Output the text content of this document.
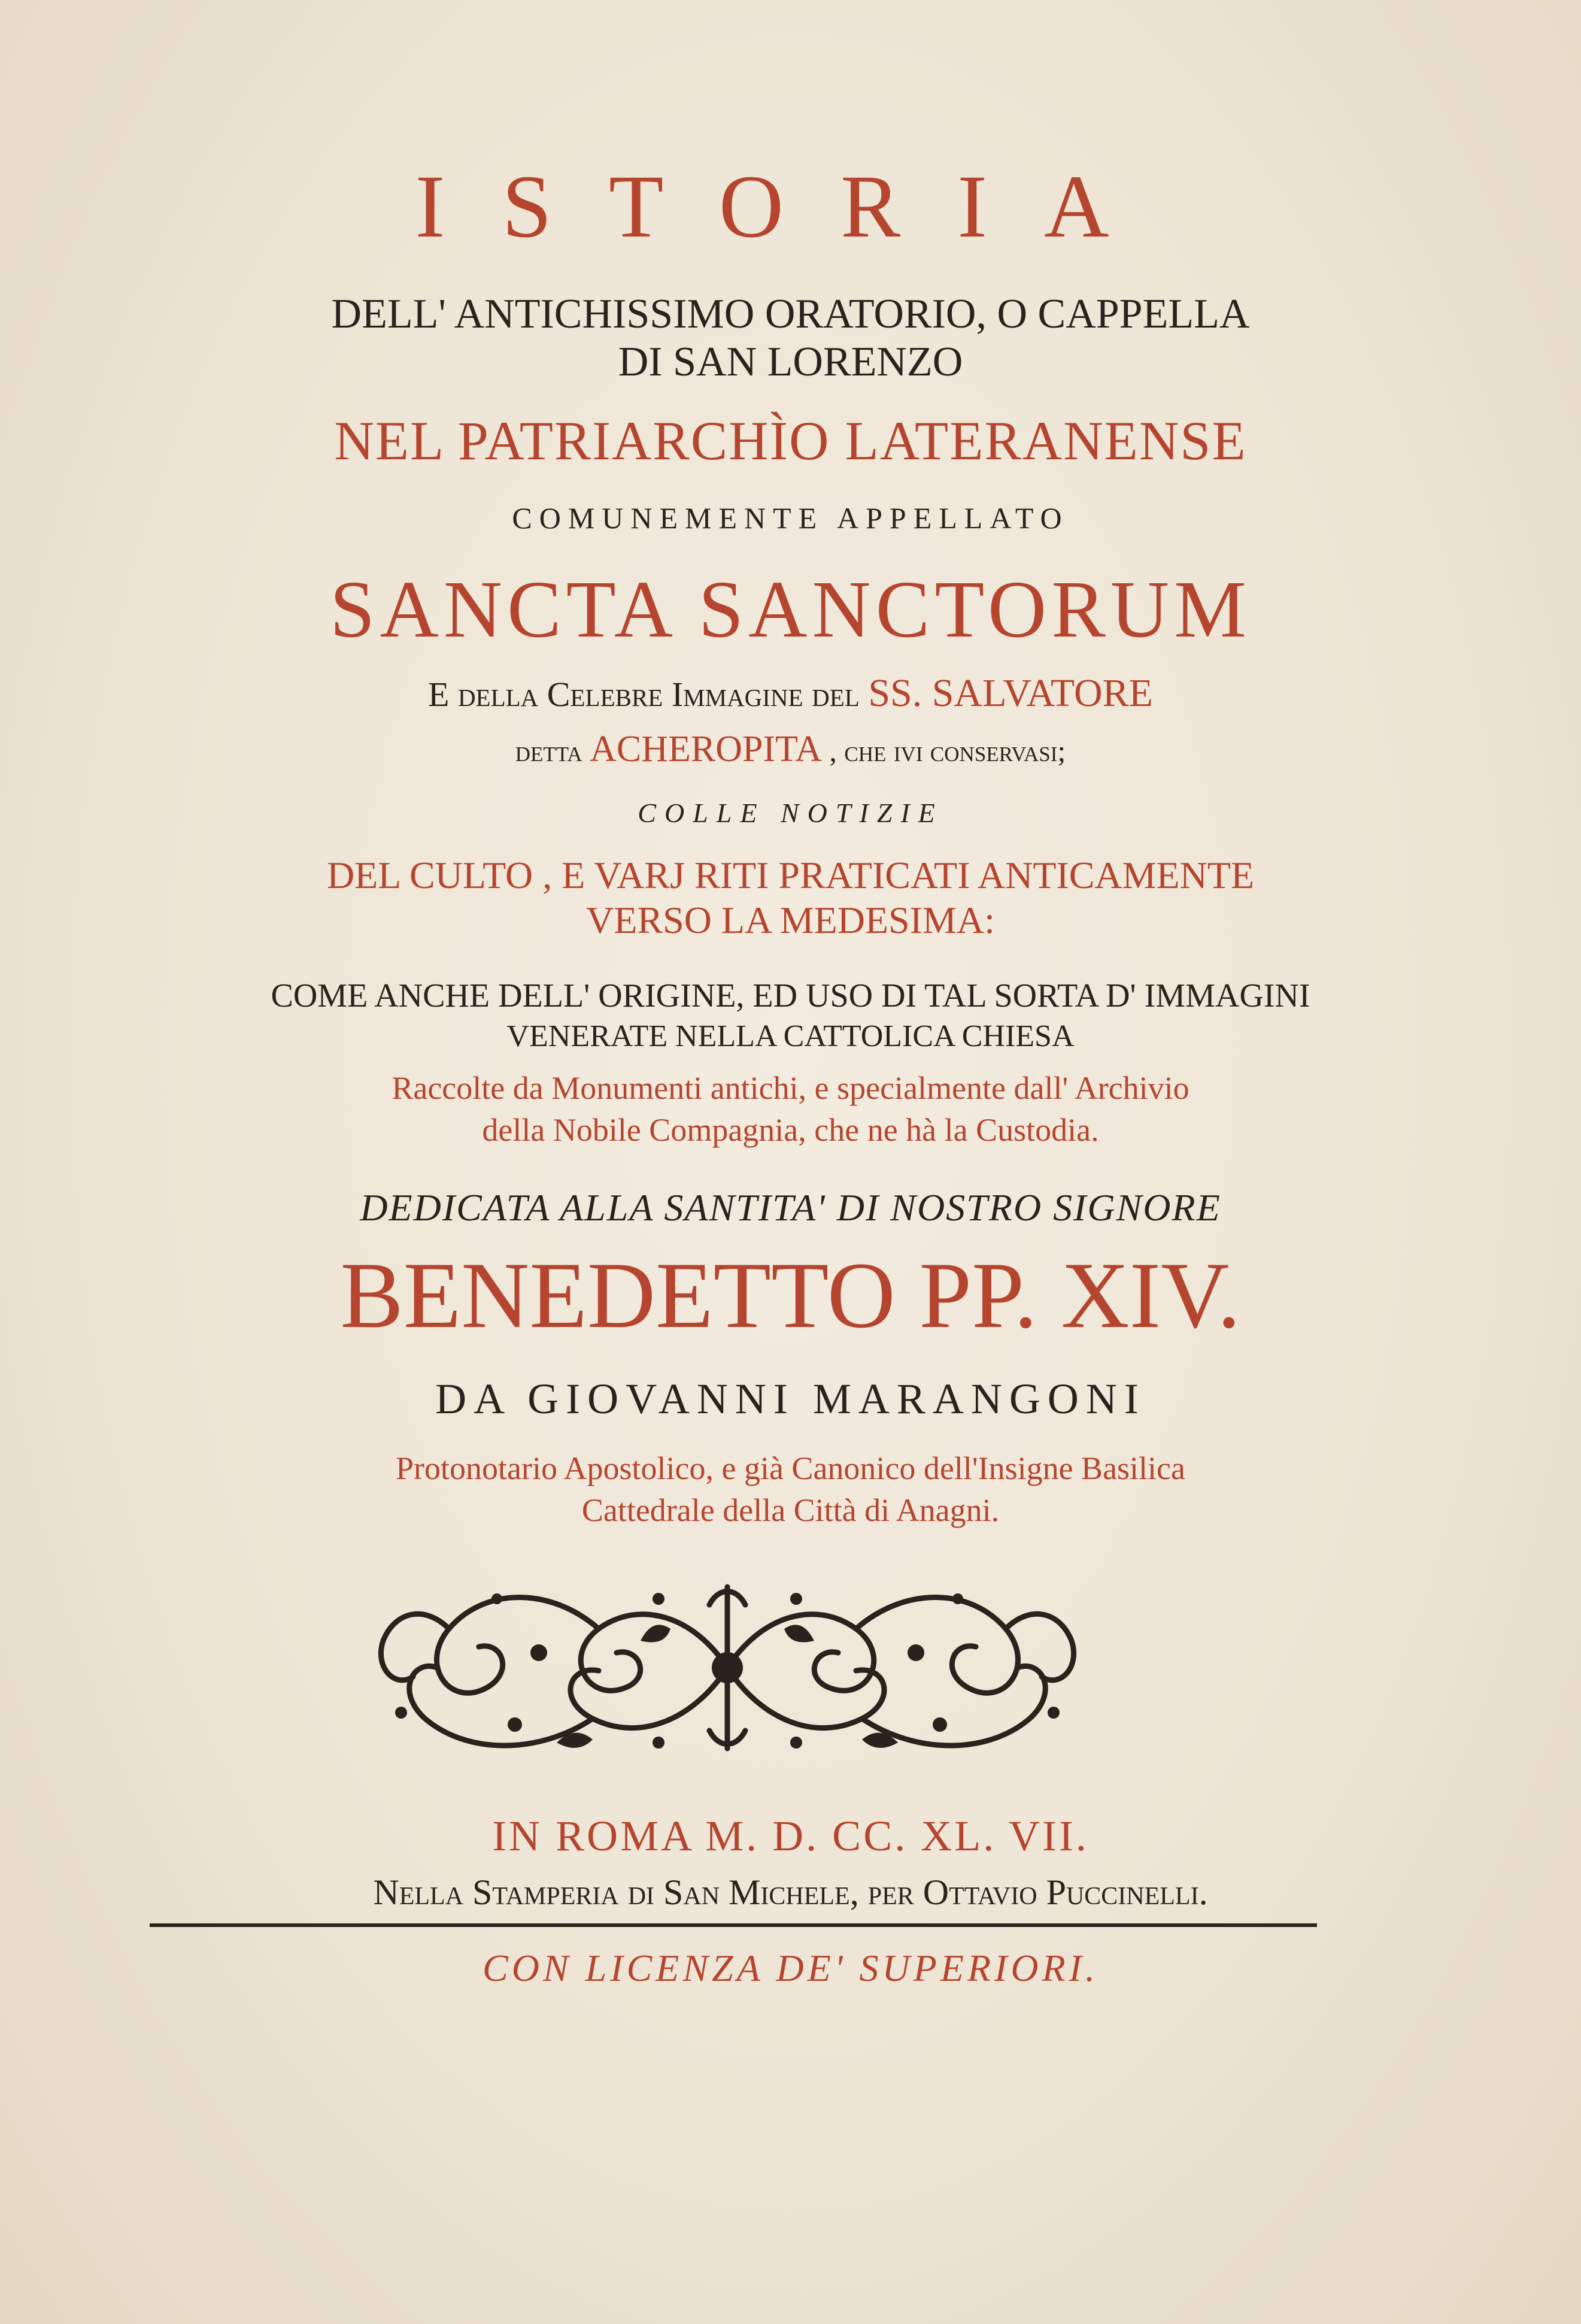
ISTORIA
DELL' ANTICHISSIMO ORATORIO, O CAPPELLA
DI SAN LORENZO
NEL PATRIARCHÌO LATERANENSE
COMUNEMENTE APPELLATO
SANCTA SANCTORUM
E della Celebre Immagine del SS. SALVATORE
detta ACHEROPITA , che ivi conservasi;
COLLE NOTIZIE
DEL CULTO , E VARJ RITI PRATICATI ANTICAMENTE
VERSO LA MEDESIMA:
COME ANCHE DELL' ORIGINE, ED USO DI TAL SORTA D' IMMAGINI
VENERATE NELLA CATTOLICA CHIESA
Raccolte da Monumenti antichi, e specialmente dall' Archivio
della Nobile Compagnia, che ne hà la Custodia.
DEDICATA ALLA SANTITA' DI NOSTRO SIGNORE
BENEDETTO PP. XIV.
DA GIOVANNI MARANGONI
Protonotario Apostolico, e già Canonico dell'Insigne Basilica
Cattedrale della Città di Anagni.
IN ROMA M. D. CC. XL. VII.
Nella Stamperia di San Michele, per Ottavio Puccinelli.
CON LICENZA DE' SUPERIORI.
